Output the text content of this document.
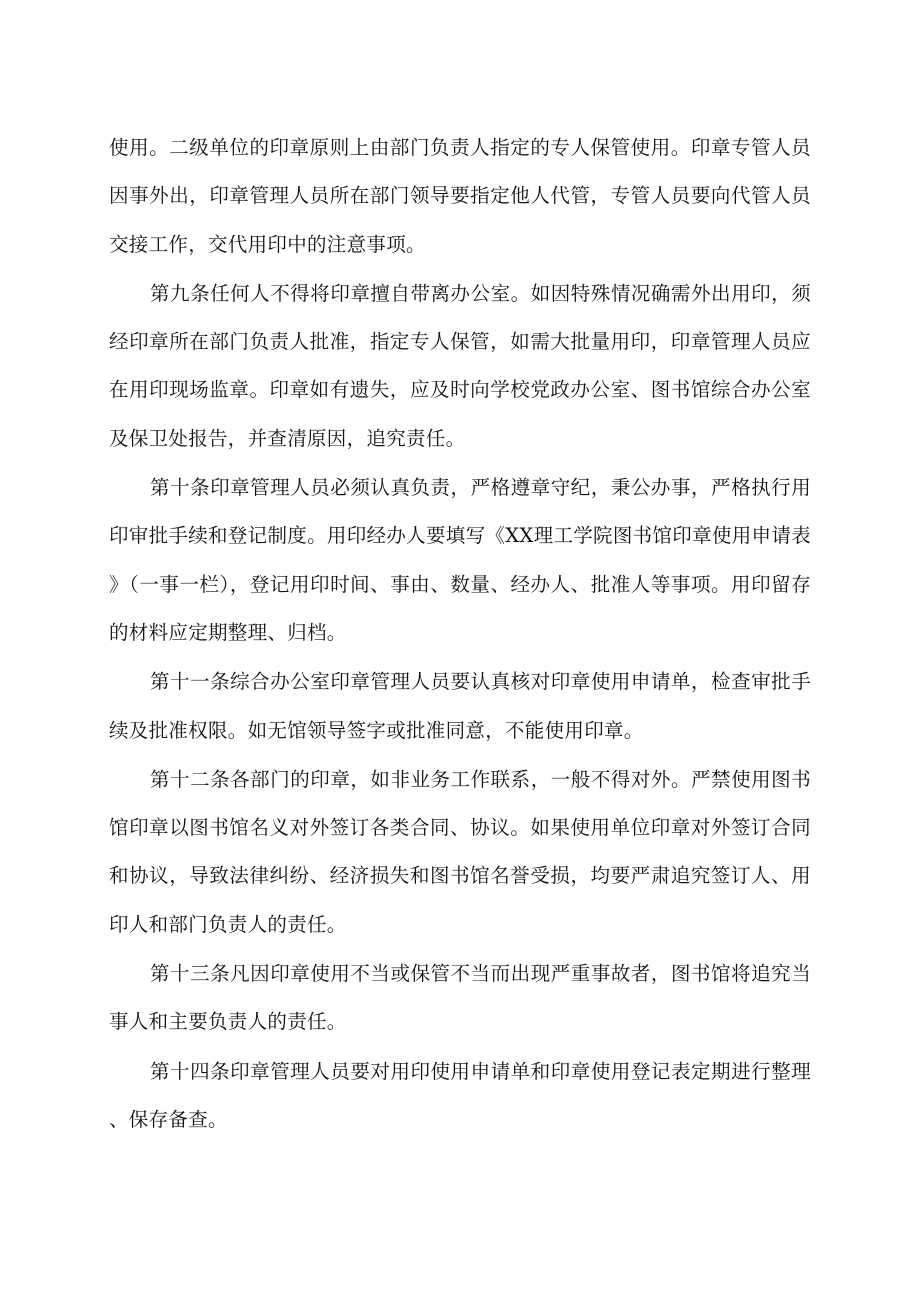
使用。二级单位的印章原则上由部门负责人指定的专人保管使用。印章专管人员因事外出，印章管理人员所在部门领导要指定他人代管，专管人员要向代管人员交接工作，交代用印中的注意事项。

第九条任何人不得将印章擅自带离办公室。如因特殊情况确需外出用印，须经印章所在部门负责人批准，指定专人保管，如需大批量用印，印章管理人员应在用印现场监章。印章如有遗失，应及时向学校党政办公室、图书馆综合办公室及保卫处报告，并查清原因，追究责任。

第十条印章管理人员必须认真负责，严格遵章守纪，秉公办事，严格执行用印审批手续和登记制度。用印经办人要填写《XX理工学院图书馆印章使用申请表》（一事一栏），登记用印时间、事由、数量、经办人、批准人等事项。用印留存的材料应定期整理、归档。

第十一条综合办公室印章管理人员要认真核对印章使用申请单，检查审批手续及批准权限。如无馆领导签字或批准同意，不能使用印章。

第十二条各部门的印章，如非业务工作联系，一般不得对外。严禁使用图书馆印章以图书馆名义对外签订各类合同、协议。如果使用单位印章对外签订合同和协议，导致法律纠纷、经济损失和图书馆名誉受损，均要严肃追究签订人、用印人和部门负责人的责任。

第十三条凡因印章使用不当或保管不当而出现严重事故者，图书馆将追究当事人和主要负责人的责任。

第十四条印章管理人员要对用印使用申请单和印章使用登记表定期进行整理、保存备查。
